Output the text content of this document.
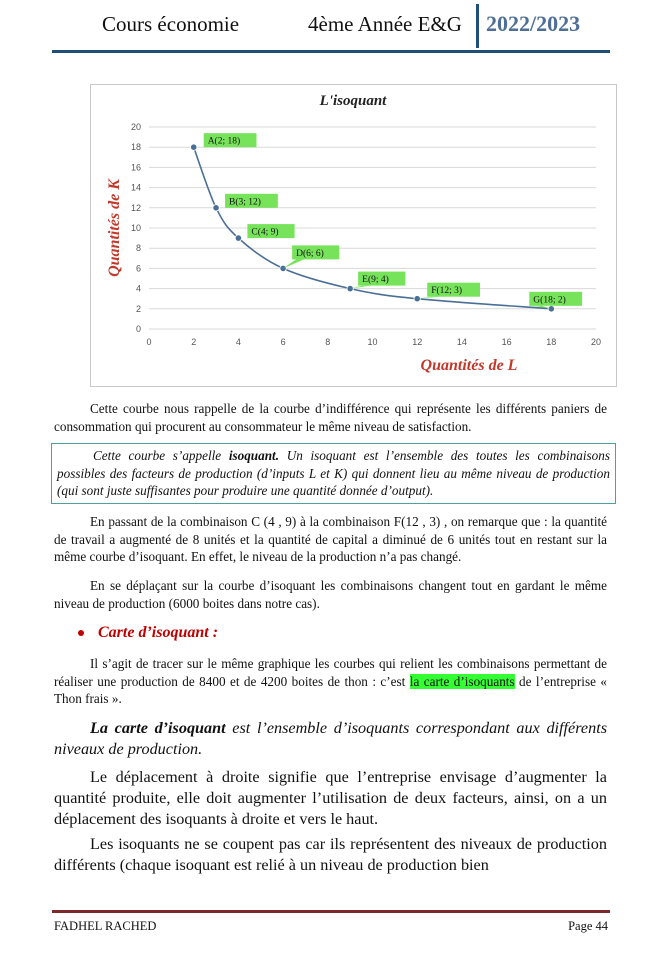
Cours économie	4ème Année E&G 2022/2023
L'isoquant
0
2
4
6
8
10
12
14
16
18
20
0	2	4	6	8	10	12	14	16	18	20
Quantités de L
Quantités de K
A(2; 18)
B(3; 12)
C(4; 9)
D(6; 6)
E(9; 4)
F(12; 3)
G(18; 2)
Cette courbe nous rappelle de la courbe d’indifférence qui représente les différents paniers de consommation qui procurent au consommateur le même niveau de satisfaction.
Cette courbe s’appelle isoquant. Un isoquant est l’ensemble des toutes les combinaisons possibles des facteurs de production (d’inputs L et K) qui donnent lieu au même niveau de production (qui sont juste suffisantes pour produire une quantité donnée d’output).
En passant de la combinaison C (4 , 9) à la combinaison F(12 , 3) , on remarque que : la quantité de travail a augmenté de 8 unités et la quantité de capital a diminué de 6 unités tout en restant sur la même courbe d’isoquant. En effet, le niveau de la production n’a pas changé.
En se déplaçant sur la courbe d’isoquant les combinaisons changent tout en gardant le même niveau de production (6000 boites dans notre cas).
Carte d’isoquant :
Il s’agit de tracer sur le même graphique les courbes qui relient les combinaisons permettant de réaliser une production de 8400 et de 4200 boites de thon : c’est la carte d’isoquants de l’entreprise « Thon frais ».
La carte d’isoquant est l’ensemble d’isoquants correspondant aux différents niveaux de production.
Le déplacement à droite signifie que l’entreprise envisage d’augmenter la quantité produite, elle doit augmenter l’utilisation de deux facteurs, ainsi, on a un déplacement des isoquants à droite et vers le haut.
Les isoquants ne se coupent pas car ils représentent des niveaux de production différents (chaque isoquant est relié à un niveau de production bien
FADHEL RACHED	Page 44
